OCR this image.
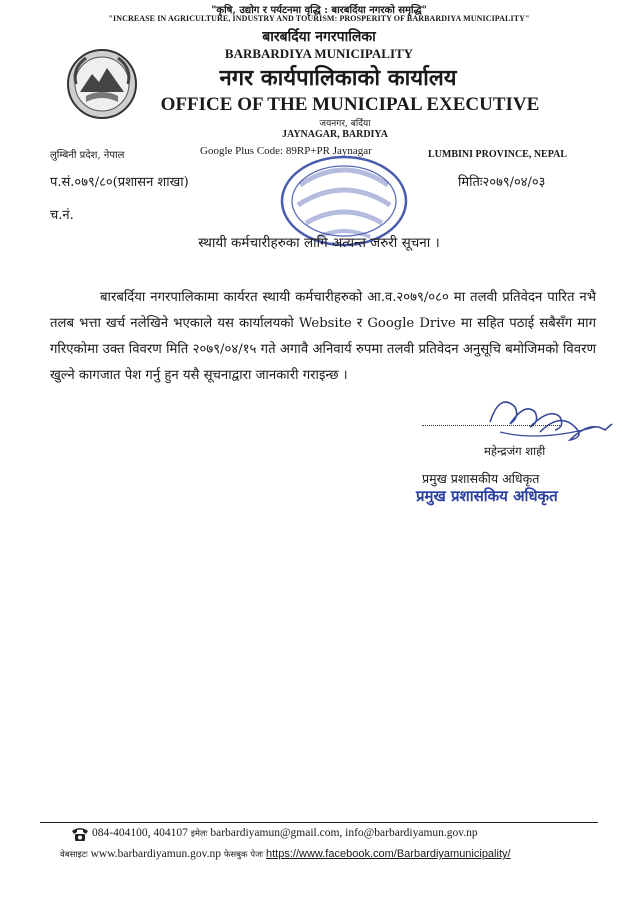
"कृषि, उद्योग र पर्यटनमा वृद्धि : बारबर्दिया नगरको समृद्धि"
"INCREASE IN AGRICULTURE, INDUSTRY AND TOURISM: PROSPERITY OF BARBARDIYA MUNICIPALITY"
बारबर्दिया नगरपालिका
BARBARDIYA MUNICIPALITY
नगर कार्यपालिकाको कार्यालय
OFFICE OF THE MUNICIPAL EXECUTIVE
जयनगर, बर्दिया
JAYNAGAR, BARDIYA
लुम्बिनी प्रदेश, नेपाल	Google Plus Code: 89RP+PR Jaynagar	LUMBINI PROVINCE, NEPAL
प.सं.०७९/८०(प्रशासन शाखा)	मितिः२०७९/०४/०३
च.नं.
स्थायी कर्मचारीहरुका लागि अत्यन्त जरुरी सूचना ।
बारबर्दिया नगरपालिकामा कार्यरत स्थायी कर्मचारीहरुको आ.व.२०७९/०८० मा तलवी प्रतिवेदन पारित नभै तलब भत्ता खर्च नलेखिने भएकाले यस कार्यालयको Website र Google Drive मा सहित पठाई सबैसँग माग गरिएकोमा उक्त विवरण मिति २०७९/०४/१५ गते अगावै अनिवार्य रुपमा तलवी प्रतिवेदन अनुसूचि बमोजिमको विवरण खुल्ने कागजात पेश गर्नु हुन यसै सूचनाद्वारा जानकारी गराइन्छ ।
महेन्द्रजंग शाही
प्रमुख प्रशासकीय अधिकृत
प्रमुख प्रशासकिय अधिकृत
084-404100, 404107 इमेलः barbardiyamun@gmail.com, info@barbardiyamun.gov.np
वेबसाइटः www.barbardiyamun.gov.np फेसबुक पेजः https://www.facebook.com/Barbardiyamunicipality/
